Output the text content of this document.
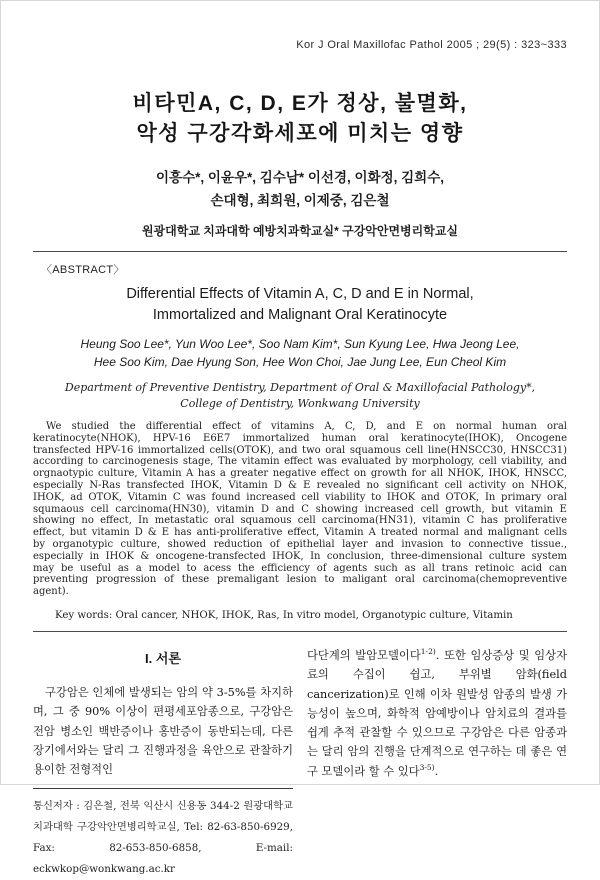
Kor J Oral Maxillofac Pathol 2005 ; 29(5) : 323~333
비타민A, C, D, E가 정상, 불멸화,
악성 구강각화세포에 미치는 영향
이흥수*, 이윤우*, 김수남* 이선경, 이화정, 김희수,
손대형, 최희원, 이제중, 김은철
원광대학교 치과대학 예방치과학교실* 구강악안면병리학교실
〈ABSTRACT〉
Differential Effects of Vitamin A, C, D and E in Normal,
Immortalized and Malignant Oral Keratinocyte
Heung Soo Lee*, Yun Woo Lee*, Soo Nam Kim*, Sun Kyung Lee, Hwa Jeong Lee,
Hee Soo Kim, Dae Hyung Son, Hee Won Choi, Jae Jung Lee, Eun Cheol Kim
Department of Preventive Dentistry, Department of Oral & Maxillofacial Pathology*,
College of Dentistry, Wonkwang University

We studied the differential effect of vitamins A, C, D, and E on normal human oral keratinocyte(NHOK), HPV-16 E6E7 immortalized human oral keratinocyte(IHOK), Oncogene transfected HPV-16 immortalized cells(OTOK), and two oral squamous cell line(HNSCC30, HNSCC31) according to carcinogenesis stage, The vitamin effect was evaluated by morphology, cell viability, and orgnaotypic culture, Vitamin A has a greater negative effect on growth for all NHOK, IHOK, HNSCC, especially N-Ras transfected IHOK, Vitamin D & E revealed no significant cell activity on NHOK, IHOK, ad OTOK, Vitamin C was found increased cell viability to IHOK and OTOK, In primary oral squmaous cell carcinoma(HN30), vitamin D and C showing increased cell growth, but vitamin E showing no effect, In metastatic oral squamous cell carcinoma(HN31), vitamin C has proliferative effect, but vitamin D & E has anti-proliferative effect, Vitamin A treated normal and malignant cells by organotypic culture, showed reduction of epithelial layer and invasion to connective tissue., especially in IHOK & oncogene-transfected IHOK, In conclusion, three-dimensional culture system may be useful as a model to acess the efficiency of agents such as all trans retinoic acid can preventing progression of these premaligant lesion to maligant oral carcinoma(chemopreventive agent).

Key words: Oral cancer, NHOK, IHOK, Ras, In vitro model, Organotypic culture, Vitamin
I. 서론

구강암은 인체에 발생되는 암의 약 3-5%를 차지하며, 그 중 90% 이상이 편평세포암종으로, 구강암은 전암 병소인 백반증이나 홍반증이 동반되는데, 다른 장기에서와는 달리 그 진행과정을 육안으로 관찰하기 용이한 전형적인

통신저자 : 김은철, 전북 익산시 신용동 344-2 원광대학교 치과대학 구강악안면병리학교실, Tel: 82-63-850-6929, Fax: 82-653-850-6858, E-mail: eckwkop@wonkwang.ac.kr

다단계의 발암모델이다$^{1-2)}$. 또한 임상증상 및 임상자료의 수집이 쉽고, 부위별 암화(field cancerization)로 인해 이차 원발성 암종의 발생 가능성이 높으며, 화학적 암예방이나 암치료의 결과를 쉽게 추적 관찰할 수 있으므로 구강암은 다른 암종과는 달리 암의 진행을 단계적으로 연구하는 데 좋은 연구 모델이라 할 수 있다$^{3-5)}$.
